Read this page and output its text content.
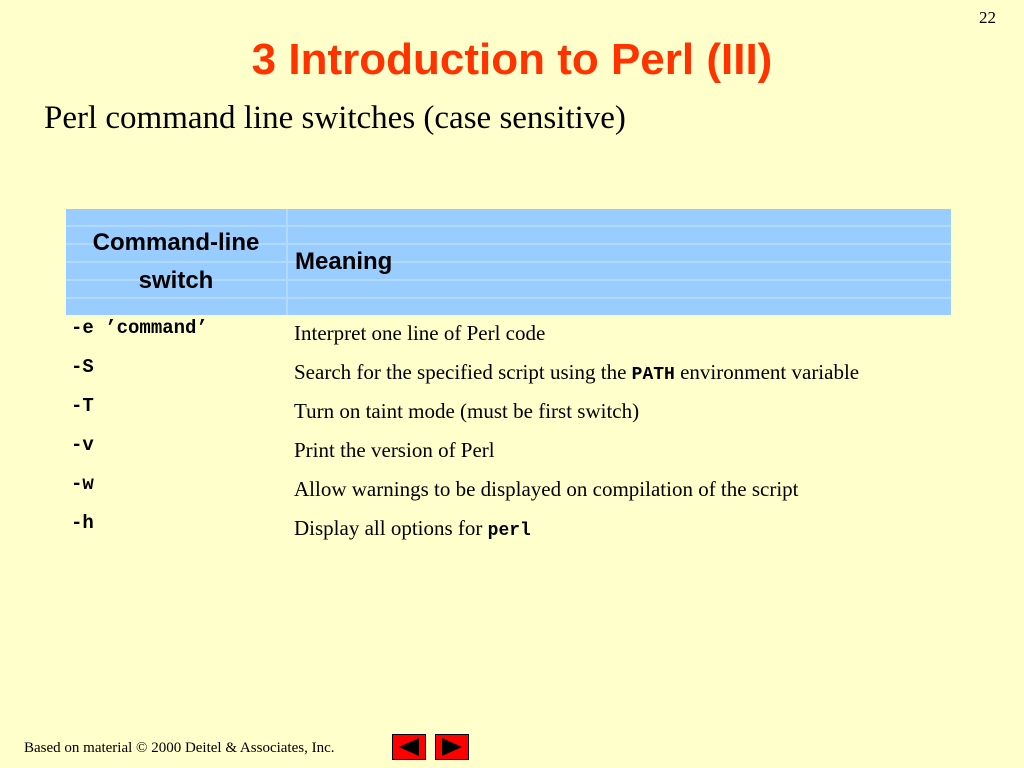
22
3 Introduction to Perl (III)
Perl command line switches (case sensitive)
Command-line
switch	Meaning
-e ’command’	Interpret one line of Perl code
-S	Search for the specified script using the PATH environment variable
-T	Turn on taint mode (must be first switch)
-v	Print the version of Perl
-w	Allow warnings to be displayed on compilation of the script
-h	Display all options for perl
Based on material © 2000 Deitel & Associates, Inc.
